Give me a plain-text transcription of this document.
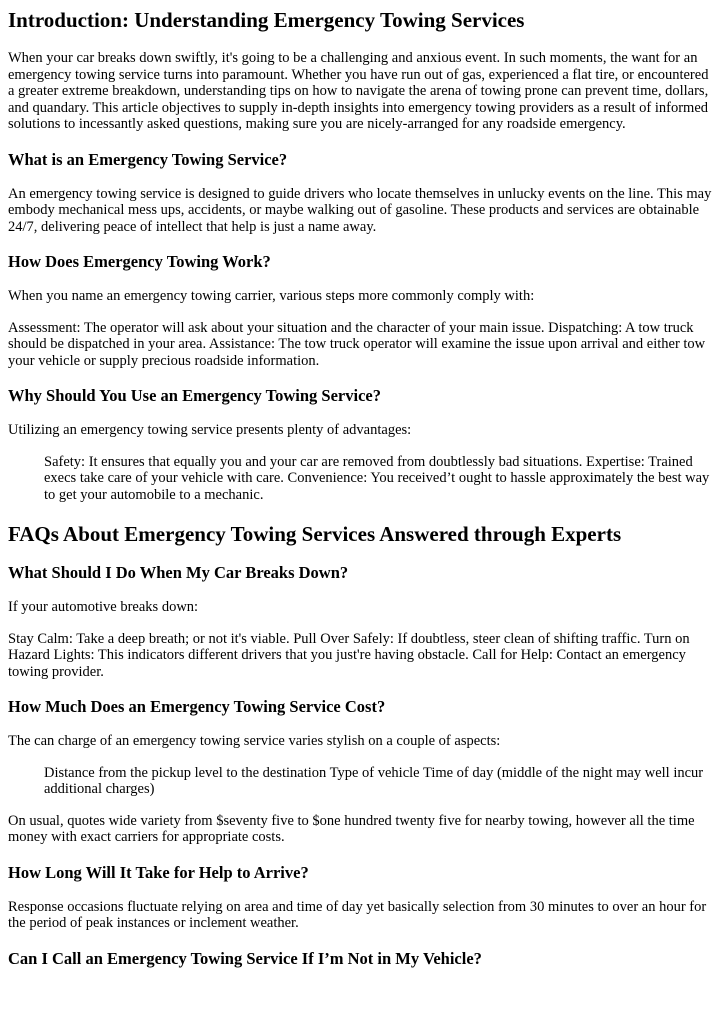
Introduction: Understanding Emergency Towing Services

When your car breaks down swiftly, it's going to be a challenging and anxious event. In such moments, the want for an emergency towing service turns into paramount. Whether you have run out of gas, experienced a flat tire, or encountered a greater extreme breakdown, understanding tips on how to navigate the arena of towing prone can prevent time, dollars, and quandary. This article objectives to supply in-depth insights into emergency towing providers as a result of informed solutions to incessantly asked questions, making sure you are nicely-arranged for any roadside emergency.

What is an Emergency Towing Service?

An emergency towing service is designed to guide drivers who locate themselves in unlucky events on the line. This may embody mechanical mess ups, accidents, or maybe walking out of gasoline. These products and services are obtainable 24/7, delivering peace of intellect that help is just a name away.

How Does Emergency Towing Work?

When you name an emergency towing carrier, various steps more commonly comply with:

Assessment: The operator will ask about your situation and the character of your main issue. Dispatching: A tow truck should be dispatched in your area. Assistance: The tow truck operator will examine the issue upon arrival and either tow your vehicle or supply precious roadside information.

Why Should You Use an Emergency Towing Service?

Utilizing an emergency towing service presents plenty of advantages:

Safety: It ensures that equally you and your car are removed from doubtlessly bad situations. Expertise: Trained execs take care of your vehicle with care. Convenience: You received’t ought to hassle approximately the best way to get your automobile to a mechanic.

FAQs About Emergency Towing Services Answered through Experts
What Should I Do When My Car Breaks Down?

If your automotive breaks down:

Stay Calm: Take a deep breath; or not it's viable. Pull Over Safely: If doubtless, steer clean of shifting traffic. Turn on Hazard Lights: This indicators different drivers that you just're having obstacle. Call for Help: Contact an emergency towing provider.

How Much Does an Emergency Towing Service Cost?

The can charge of an emergency towing service varies stylish on a couple of aspects:

Distance from the pickup level to the destination Type of vehicle Time of day (middle of the night may well incur additional charges)

On usual, quotes wide variety from $seventy five to $one hundred twenty five for nearby towing, however all the time money with exact carriers for appropriate costs.

How Long Will It Take for Help to Arrive?

Response occasions fluctuate relying on area and time of day yet basically selection from 30 minutes to over an hour for the period of peak instances or inclement weather.

Can I Call an Emergency Towing Service If I’m Not in My Vehicle?
